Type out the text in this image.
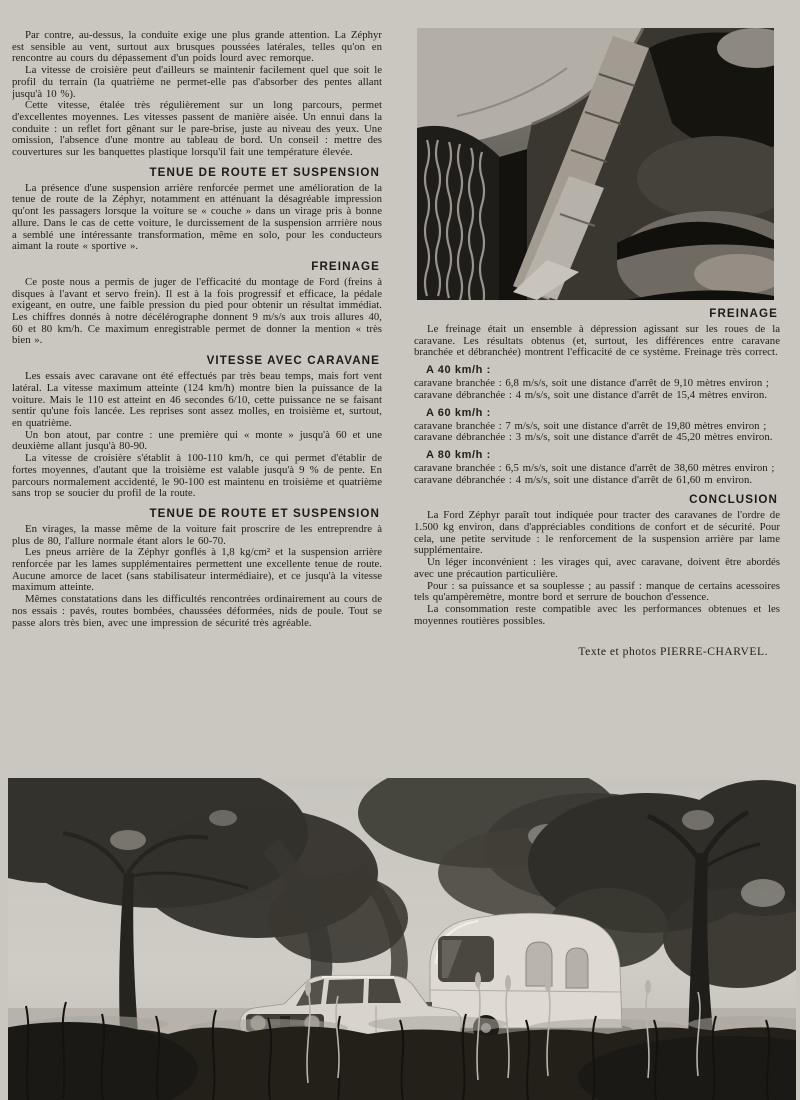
Par contre, au-dessus, la conduite exige une plus grande attention. La Zéphyr est sensible au vent, surtout aux brusques poussées latérales, telles qu'on en rencontre au cours du dépassement d'un poids lourd avec remorque.

La vitesse de croisière peut d'ailleurs se maintenir facilement quel que soit le profil du terrain (la quatrième ne permet-elle pas d'absorber des pentes allant jusqu'à 10 %).

Cette vitesse, étalée très régulièrement sur un long parcours, permet d'excellentes moyennes. Les vitesses passent de manière aisée. Un ennui dans la conduite : un reflet fort gênant sur le pare-brise, juste au niveau des yeux. Une omission, l'absence d'une montre au tableau de bord. Un conseil : mettre des couvertures sur les banquettes plastique lorsqu'il fait une température élevée.

TENUE DE ROUTE ET SUSPENSION

La présence d'une suspension arrière renforcée permet une amélioration de la tenue de route de la Zéphyr, notamment en atténuant la désagréable impression qu'ont les passagers lorsque la voiture se « couche » dans un virage pris à bonne allure. Dans le cas de cette voiture, le durcissement de la suspension arrrière nous a semblé une intéressante transformation, même en solo, pour les conducteurs aimant la route « sportive ».

FREINAGE

Ce poste nous a permis de juger de l'efficacité du montage de Ford (freins à disques à l'avant et servo frein). Il est à la fois progressif et efficace, la pédale exigeant, en outre, une faible pression du pied pour obtenir un résultat immédiat. Les chiffres donnés à notre décélérographe donnent 9 m/s/s aux trois allures 40, 60 et 80 km/h. Ce maximum enregistrable permet de donner la mention « très bien ».

VITESSE AVEC CARAVANE

Les essais avec caravane ont été effectués par très beau temps, mais fort vent latéral. La vitesse maximum atteinte (124 km/h) montre bien la puissance de la voiture. Mais le 110 est atteint en 46 secondes 6/10, cette puissance ne se faisant sentir qu'une fois lancée. Les reprises sont assez molles, en troisième et, surtout, en quatrième.

Un bon atout, par contre : une première qui « monte » jusqu'à 60 et une deuxième allant jusqu'à 80-90.

La vitesse de croisière s'établit à 100-110 km/h, ce qui permet d'établir de fortes moyennes, d'autant que la troisième est valable jusqu'à 9 % de pente. En parcours normalement accidenté, le 90-100 est maintenu en troisième et quatrième sans trop se soucier du profil de la route.

TENUE DE ROUTE ET SUSPENSION

En virages, la masse même de la voiture fait proscrire de les entreprendre à plus de 80, l'allure normale étant alors le 60-70.

Les pneus arrière de la Zéphyr gonflés à 1,8 kg/cm² et la suspension arrière renforcée par les lames supplémentaires permettent une excellente tenue de route. Aucune amorce de lacet (sans stabilisateur intermédiaire), et ce jusqu'à la vitesse maximum atteinte.

Mêmes constatations dans les difficultés rencontrées ordinairement au cours de nos essais : pavés, routes bombées, chaussées déformées, nids de poule. Tout se passe alors très bien, avec une impression de sécurité très agréable.

FREINAGE

Le freinage était un ensemble à dépression agissant sur les roues de la caravane. Les résultats obtenus (et, surtout, les différences entre caravane branchée et débranchée) montrent l'efficacité de ce système. Freinage très correct.

A 40 km/h :

caravane branchée : 6,8 m/s/s, soit une distance d'arrêt de 9,10 mètres environ ;

caravane débranchée : 4 m/s/s, soit une distance d'arrêt de 15,4 mètres environ.

A 60 km/h :

caravane branchée : 7 m/s/s, soit une distance d'arrêt de 19,80 mètres environ ;

caravane débranchée : 3 m/s/s, soit une distance d'arrêt de 45,20 mètres environ.

A 80 km/h :

caravane branchée : 6,5 m/s/s, soit une distance d'arrêt de 38,60 mètres environ ;

caravane débranchée : 4 m/s/s, soit une distance d'arrêt de 61,60 m environ.

CONCLUSION

La Ford Zéphyr paraît tout indiquée pour tracter des caravanes de l'ordre de 1.500 kg environ, dans d'appréciables conditions de confort et de sécurité. Pour cela, une petite servitude : le renforcement de la suspension arrière par lame supplémentaire.

Un léger inconvénient : les virages qui, avec caravane, doivent être abordés avec une précaution particulière.

Pour : sa puissance et sa souplesse ; au passif : manque de certains acessoires tels qu'ampèremètre, montre bord et serrure de bouchon d'essence.

La consommation reste compatible avec les performances obtenues et les moyennes routières possibles.

Texte et photos PIERRE-CHARVEL.
